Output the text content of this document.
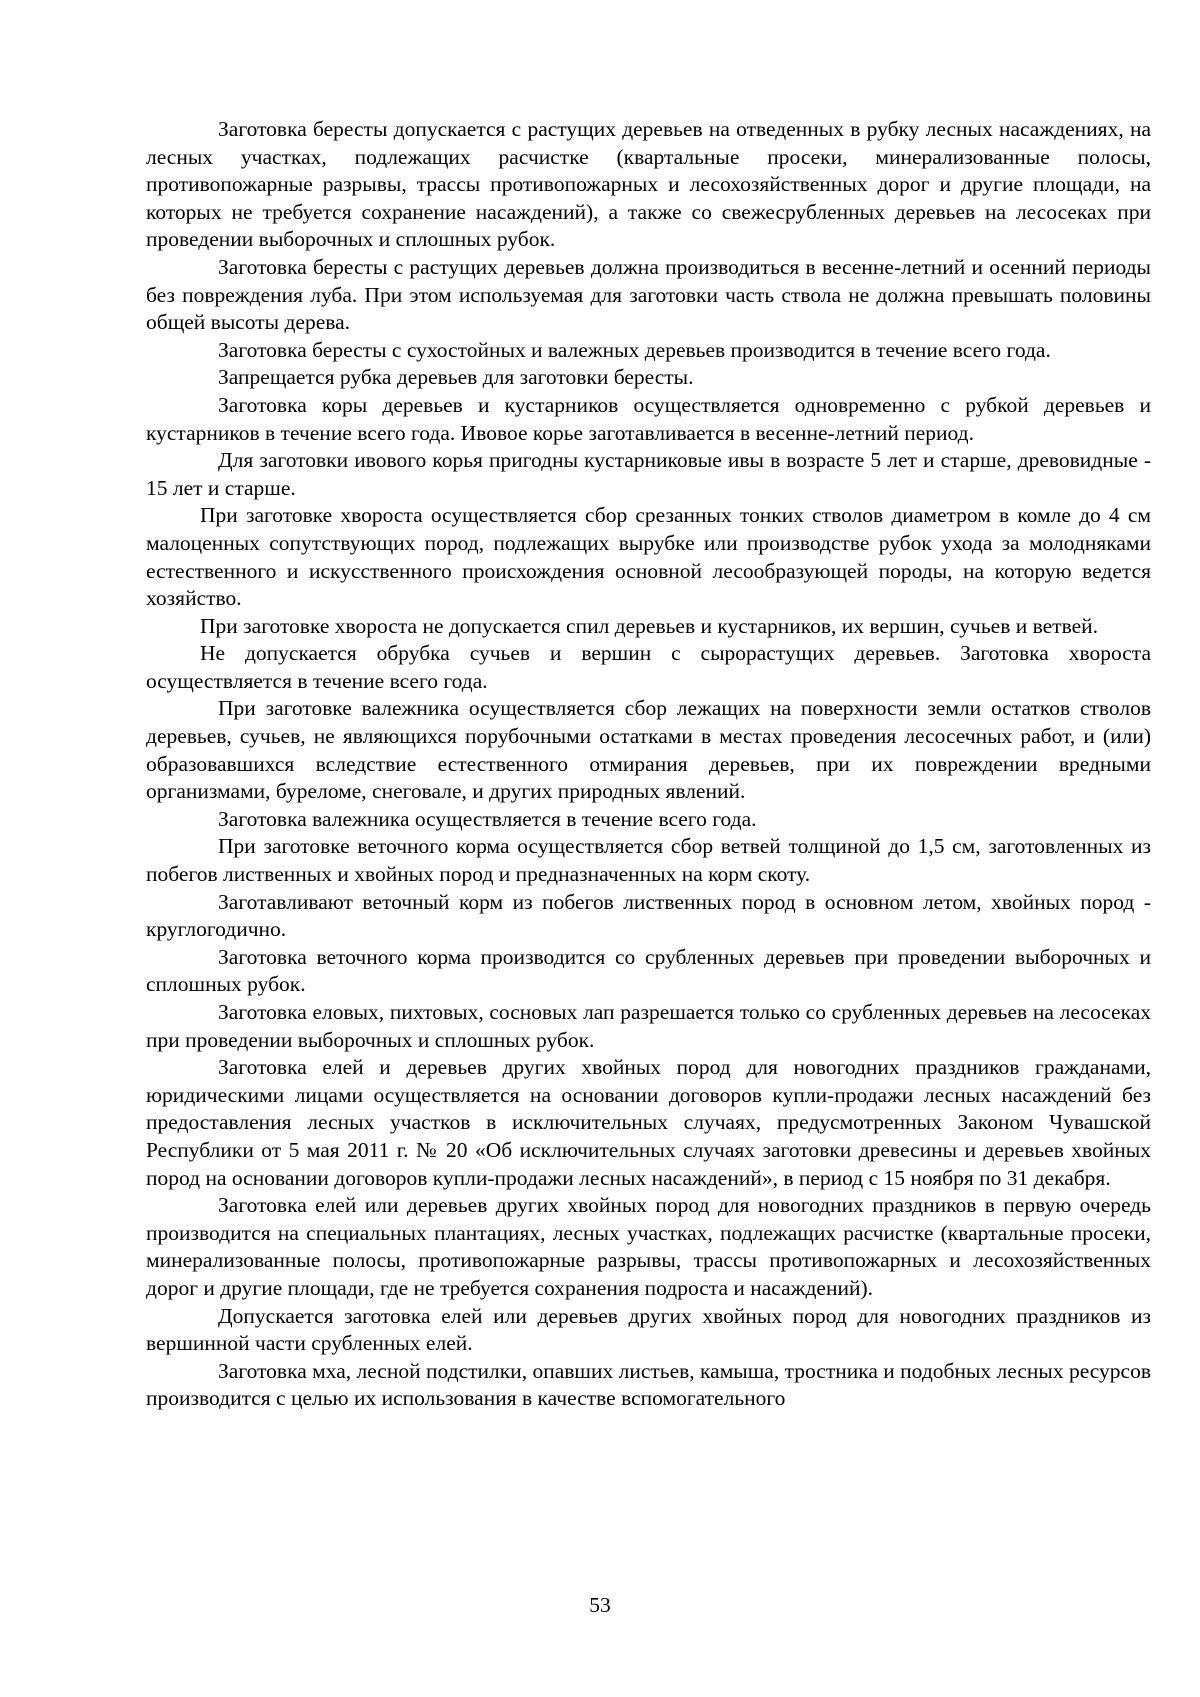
Заготовка бересты допускается с растущих деревьев на отведенных в рубку лесных насаждениях, на лесных участках, подлежащих расчистке (квартальные просеки, минерализованные полосы, противопожарные разрывы, трассы противопожарных и лесохозяйственных дорог и другие площади, на которых не требуется сохранение насаждений), а также со свежесрубленных деревьев на лесосеках при проведении выборочных и сплошных рубок.

Заготовка бересты с растущих деревьев должна производиться в весенне-летний и осенний периоды без повреждения луба. При этом используемая для заготовки часть ствола не должна превышать половины общей высоты дерева.

Заготовка бересты с сухостойных и валежных деревьев производится в течение всего года.

Запрещается рубка деревьев для заготовки бересты.

Заготовка коры деревьев и кустарников осуществляется одновременно с рубкой деревьев и кустарников в течение всего года. Ивовое корье заготавливается в весенне-летний период.

Для заготовки ивового корья пригодны кустарниковые ивы в возрасте 5 лет и старше, древовидные - 15 лет и старше.

При заготовке хвороста осуществляется сбор срезанных тонких стволов диаметром в комле до 4 см малоценных сопутствующих пород, подлежащих вырубке или производстве рубок ухода за молодняками естественного и искусственного происхождения основной лесообразующей породы, на которую ведется хозяйство.

При заготовке хвороста не допускается спил деревьев и кустарников, их вершин, сучьев и ветвей.

Не допускается обрубка сучьев и вершин с сырорастущих деревьев. Заготовка хвороста осуществляется в течение всего года.

При заготовке валежника осуществляется сбор лежащих на поверхности земли остатков стволов деревьев, сучьев, не являющихся порубочными остатками в местах проведения лесосечных работ, и (или) образовавшихся вследствие естественного отмирания деревьев, при их повреждении вредными организмами, буреломе, снеговале, и других природных явлений.

Заготовка валежника осуществляется в течение всего года.

При заготовке веточного корма осуществляется сбор ветвей толщиной до 1,5 см, заготовленных из побегов лиственных и хвойных пород и предназначенных на корм скоту.

Заготавливают веточный корм из побегов лиственных пород в основном летом, хвойных пород - круглогодично.

Заготовка веточного корма производится со срубленных деревьев при проведении выборочных и сплошных рубок.

Заготовка еловых, пихтовых, сосновых лап разрешается только со срубленных деревьев на лесосеках при проведении выборочных и сплошных рубок.

Заготовка елей и деревьев других хвойных пород для новогодних праздников гражданами, юридическими лицами осуществляется на основании договоров купли-продажи лесных насаждений без предоставления лесных участков в исключительных случаях, предусмотренных Законом Чувашской Республики от 5 мая 2011 г. № 20 «Об исключительных случаях заготовки древесины и деревьев хвойных пород на основании договоров купли-продажи лесных насаждений», в период с 15 ноября по 31 декабря.

Заготовка елей или деревьев других хвойных пород для новогодних праздников в первую очередь производится на специальных плантациях, лесных участках, подлежащих расчистке (квартальные просеки, минерализованные полосы, противопожарные разрывы, трассы противопожарных и лесохозяйственных дорог и другие площади, где не требуется сохранения подроста и насаждений).

Допускается заготовка елей или деревьев других хвойных пород для новогодних праздников из вершинной части срубленных елей.

Заготовка мха, лесной подстилки, опавших листьев, камыша, тростника и подобных лесных ресурсов производится с целью их использования в качестве вспомогательного

53
